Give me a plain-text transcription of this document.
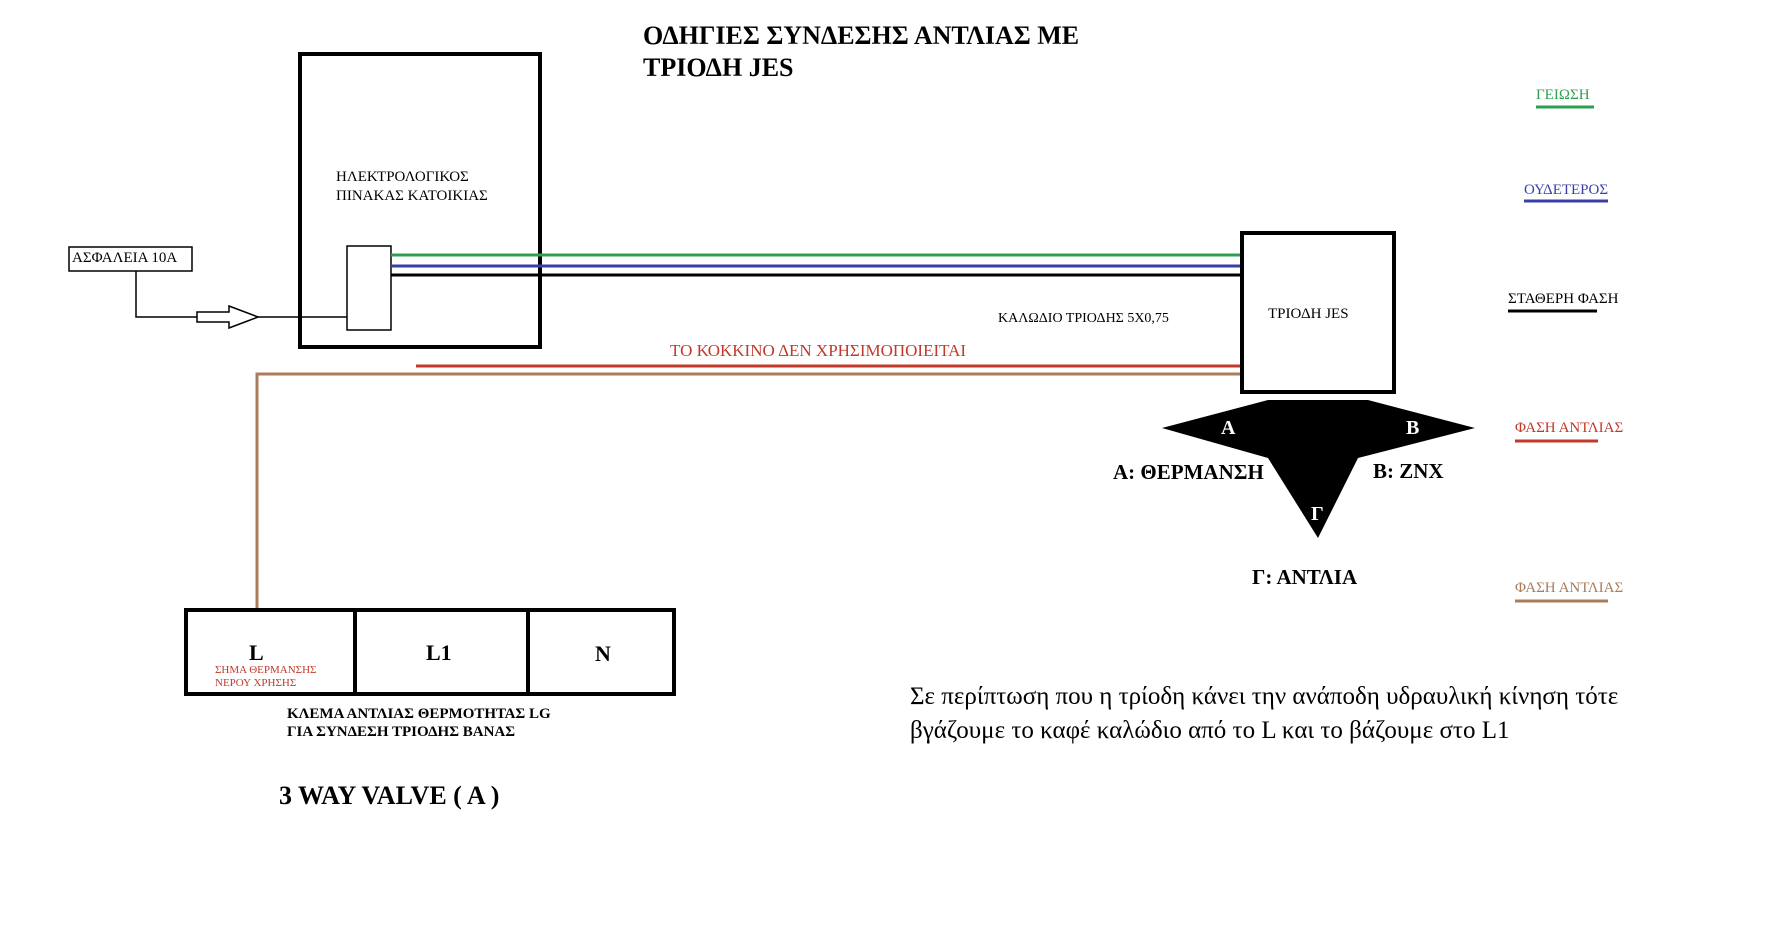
ΟΔΗΓΙΕΣ ΣΥΝΔΕΣΗΣ ΑΝΤΛΙΑΣ ΜΕ
ΤΡΙΟΔΗ JES
ΗΛΕΚΤΡΟΛΟΓΙΚΟΣ
ΠΙΝΑΚΑΣ ΚΑΤΟΙΚΙΑΣ
ΑΣΦΑΛΕΙΑ 10Α
ΚΑΛΩΔΙΟ ΤΡΙΟΔΗΣ 5Χ0,75	ΤΡΙΟΔΗ JES
ΤΟ ΚΟΚΚΙΝΟ ΔΕΝ ΧΡΗΣΙΜΟΠΟΙΕΙΤΑΙ
Α	Β
Γ
Α: ΘΕΡΜΑΝΣΗ	Β: ΖΝΧ
Γ: ΑΝΤΛΙΑ
ΓΕΙΩΣΗ
ΟΥΔΕΤΕΡΟΣ
ΣΤΑΘΕΡΗ ΦΑΣΗ
ΦΑΣΗ ΑΝΤΛΙΑΣ
ΦΑΣΗ ΑΝΤΛΙΑΣ
L	L1	N
ΣΗΜΑ ΘΕΡΜΑΝΣΗΣ
ΝΕΡΟΥ ΧΡΗΣΗΣ
ΚΛΕΜΑ ΑΝΤΛΙΑΣ ΘΕΡΜΟΤΗΤΑΣ LG
ΓΙΑ ΣΥΝΔΕΣΗ ΤΡΙΟΔΗΣ ΒΑΝΑΣ
3 WAY VALVE ( A )
Σε περίπτωση που η τρίοδη κάνει την ανάποδη υδραυλική κίνηση τότε βγάζουμε το καφέ καλώδιο από το L και το βάζουμε στο L1
